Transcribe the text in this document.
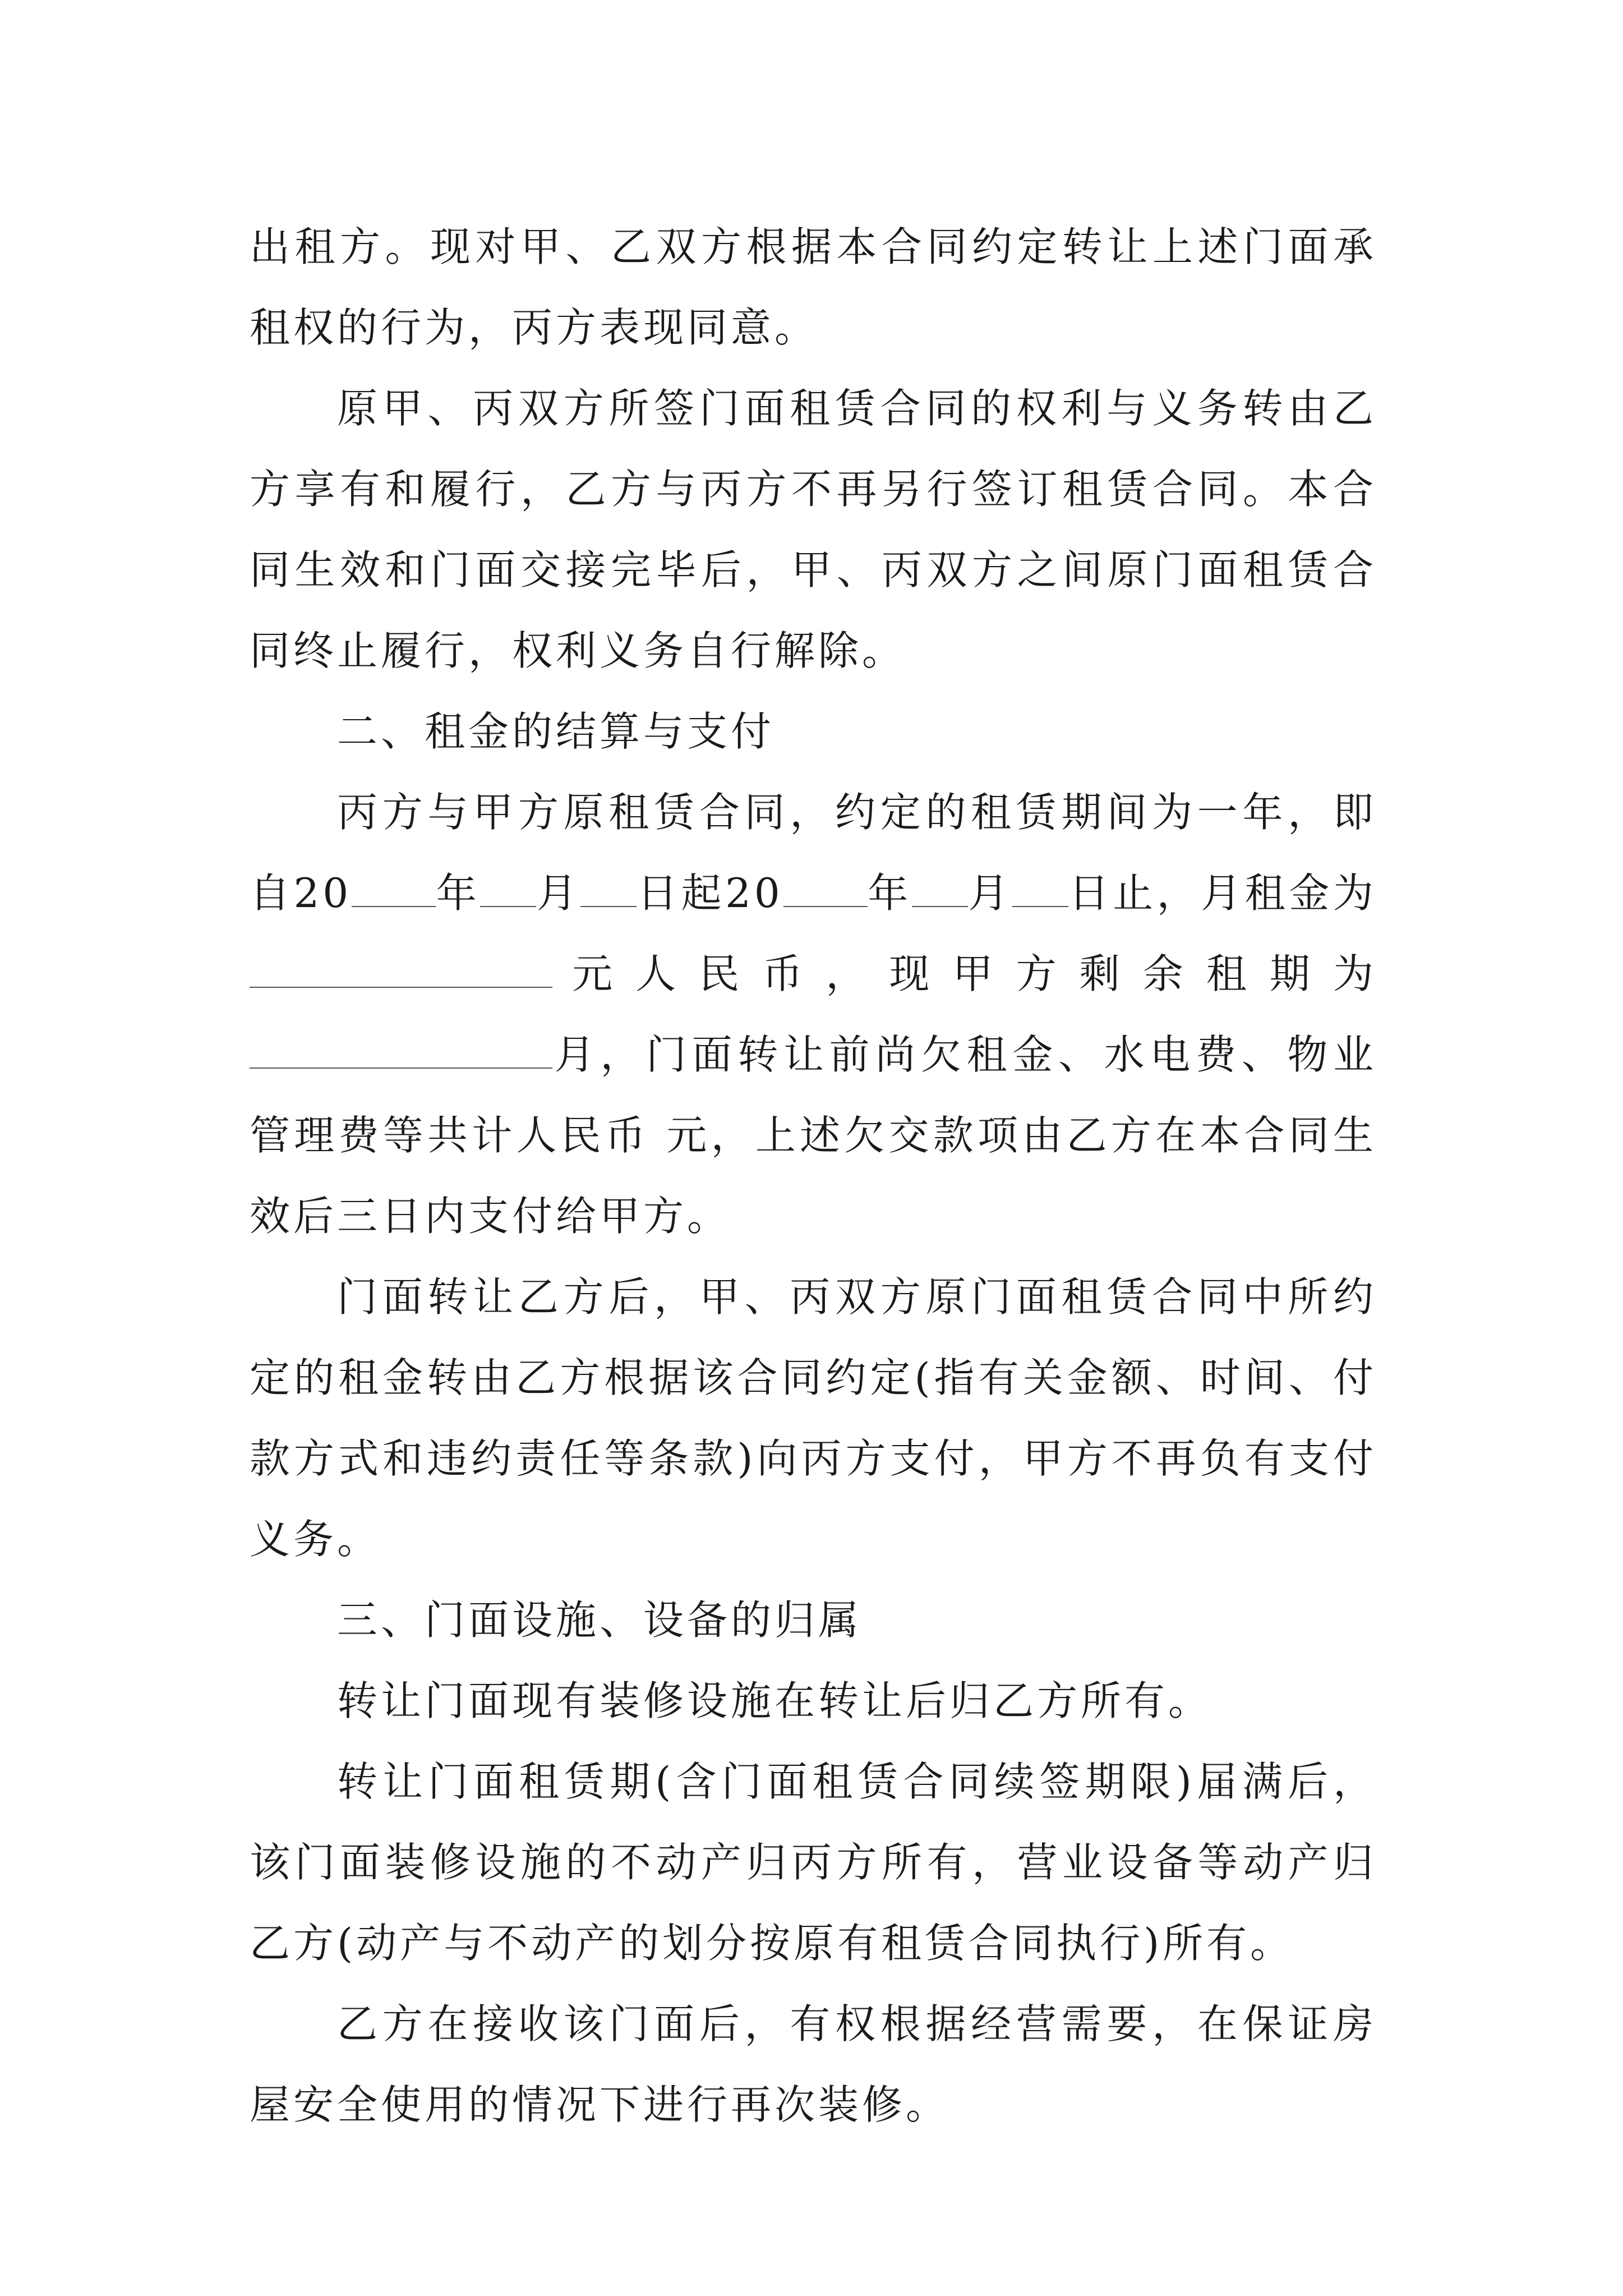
出租方。现对甲、乙双方根据本合同约定转让上述门面承租权的行为，丙方表现同意。

原甲、丙双方所签门面租赁合同的权利与义务转由乙方享有和履行，乙方与丙方不再另行签订租赁合同。本合同生效和门面交接完毕后，甲、丙双方之间原门面租赁合同终止履行，权利义务自行解除。

二、租金的结算与支付

丙方与甲方原租赁合同，约定的租赁期间为一年，即自20 年 月 日起20 年 月 日止，月租金为元人民币，现甲方剩余租期为月，门面转让前尚欠租金、水电费、物业管理费等共计人民币 元，上述欠交款项由乙方在本合同生效后三日内支付给甲方。

门面转让乙方后，甲、丙双方原门面租赁合同中所约定的租金转由乙方根据该合同约定(指有关金额、时间、付款方式和违约责任等条款)向丙方支付，甲方不再负有支付义务。

三、门面设施、设备的归属

转让门面现有装修设施在转让后归乙方所有。

转让门面租赁期(含门面租赁合同续签期限)届满后，该门面装修设施的不动产归丙方所有，营业设备等动产归乙方(动产与不动产的划分按原有租赁合同执行)所有。

乙方在接收该门面后，有权根据经营需要，在保证房屋安全使用的情况下进行再次装修。
